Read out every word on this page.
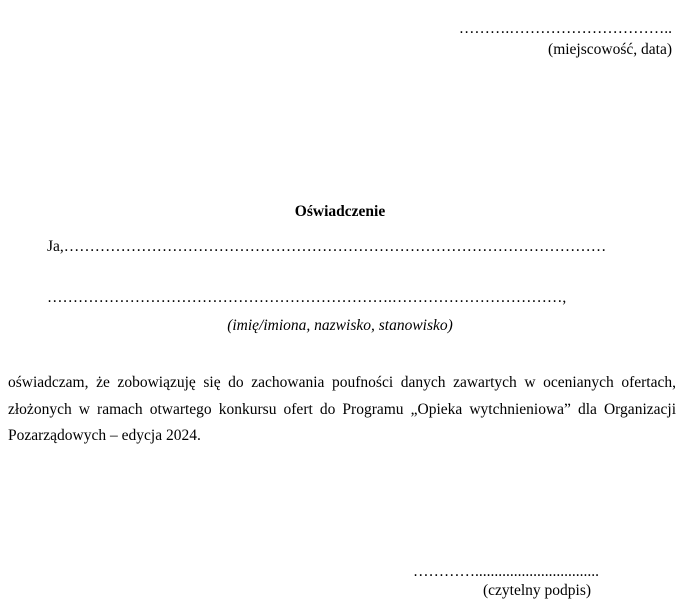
……….…………………………..
(miejscowość, data)
Oświadczenie
Ja,……………………………………………………………………………………………
………………………………………………………….……………………………,
(imię/imiona, nazwisko, stanowisko)
oświadczam, że zobowiązuję się do zachowania poufności danych zawartych w ocenianych ofertach, złożonych w ramach otwartego konkursu ofert do Programu „Opieka wytchnieniowa” dla Organizacji Pozarządowych – edycja 2024.
…………................................
(czytelny podpis)
